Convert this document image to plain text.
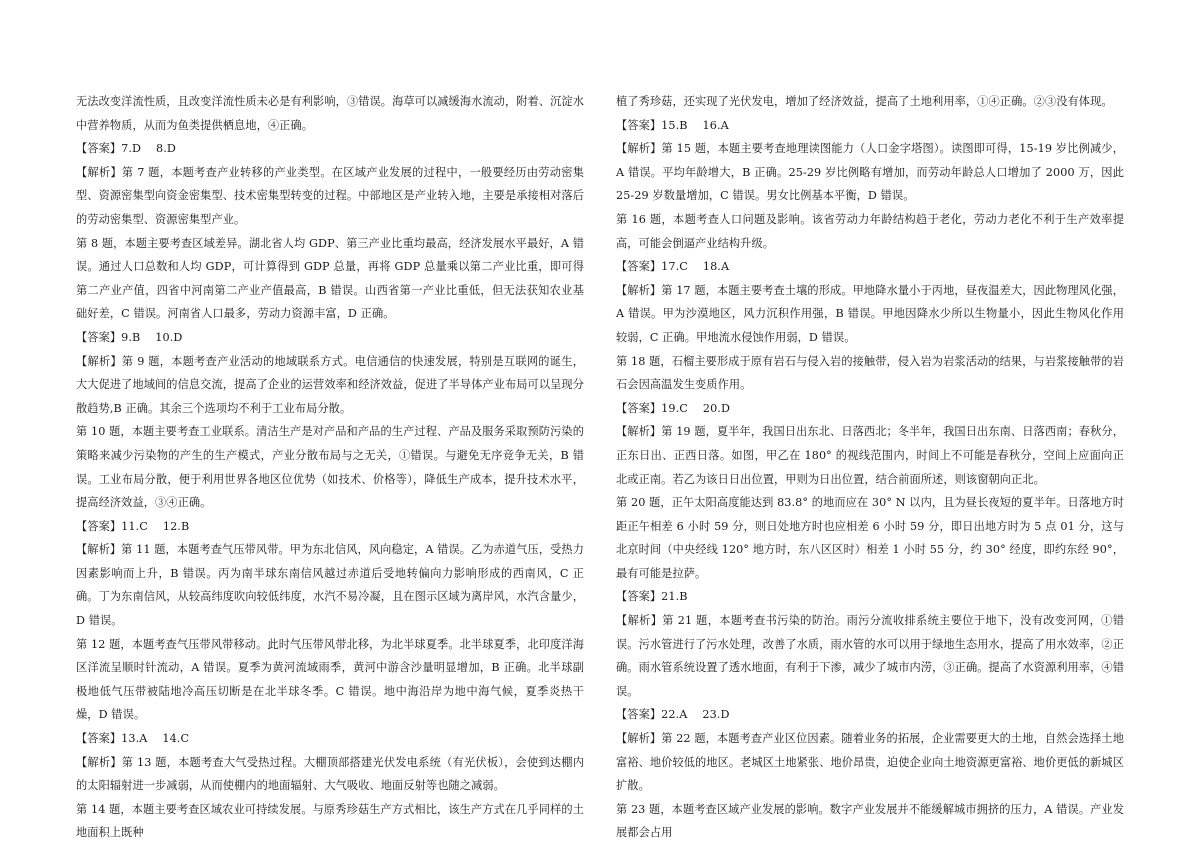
无法改变洋流性质，且改变洋流性质未必是有利影响，③错误。海草可以减缓海水流动，附着、沉淀水中营养物质，从而为鱼类提供栖息地，④正确。

【答案】7.D　 8.D

【解析】第 7 题，本题考查产业转移的产业类型。在区域产业发展的过程中，一般要经历由劳动密集型、资源密集型向资金密集型、技术密集型转变的过程。中部地区是产业转入地，主要是承接相对落后的劳动密集型、资源密集型产业。

第 8 题，本题主要考查区域差异。湖北省人均 GDP、第三产业比重均最高，经济发展水平最好，A 错误。通过人口总数和人均 GDP，可计算得到 GDP 总量，再将 GDP 总量乘以第二产业比重，即可得第二产业产值，四省中河南第二产业产值最高，B 错误。山西省第一产业比重低，但无法获知农业基础好差，C 错误。河南省人口最多，劳动力资源丰富，D 正确。

【答案】9.B　 10.D

【解析】第 9 题，本题考查产业活动的地域联系方式。电信通信的快速发展，特别是互联网的诞生，大大促进了地域间的信息交流，提高了企业的运营效率和经济效益，促进了半导体产业布局可以呈现分散趋势,B 正确。其余三个选项均不利于工业布局分散。

第 10 题，本题主要考查工业联系。清洁生产是对产品和产品的生产过程、产品及服务采取预防污染的策略来减少污染物的产生的生产模式，产业分散布局与之无关，①错误。与避免无序竞争无关，B 错误。工业布局分散，便于利用世界各地区位优势（如技术、价格等），降低生产成本，提升技术水平，提高经济效益，③④正确。

【答案】11.C　 12.B

【解析】第 11 题，本题考查气压带风带。甲为东北信风，风向稳定，A 错误。乙为赤道气压，受热力因素影响而上升，B 错误。丙为南半球东南信风越过赤道后受地转偏向力影响形成的西南风，C 正确。丁为东南信风，从较高纬度吹向较低纬度，水汽不易冷凝，且在图示区域为离岸风，水汽含量少，D 错误。

第 12 题，本题考查气压带风带移动。此时气压带风带北移，为北半球夏季。北半球夏季，北印度洋海区洋流呈顺时针流动，A 错误。夏季为黄河流域雨季，黄河中游含沙量明显增加，B 正确。北半球副极地低气压带被陆地冷高压切断是在北半球冬季。C 错误。地中海沿岸为地中海气候，夏季炎热干燥，D 错误。

【答案】13.A　 14.C

【解析】第 13 题，本题考查大气受热过程。大棚顶部搭建光伏发电系统（有光伏板），会使到达棚内的太阳辐射进一步减弱，从而使棚内的地面辐射、大气吸收、地面反射等也随之减弱。

第 14 题，本题主要考查区域农业可持续发展。与原秀珍菇生产方式相比，该生产方式在几乎同样的土地面积上既种

植了秀珍菇，还实现了光伏发电，增加了经济效益，提高了土地利用率，①④正确。②③没有体现。

【答案】15.B　 16.A

【解析】第 15 题，本题主要考查地理读图能力（人口金字塔图）。读图即可得，15-19 岁比例减少，A 错误。平均年龄增大，B 正确。25-29 岁比例略有增加，而劳动年龄总人口增加了 2000 万，因此 25-29 岁数量增加，C 错误。男女比例基本平衡，D 错误。

第 16 题，本题考查人口问题及影响。该省劳动力年龄结构趋于老化，劳动力老化不利于生产效率提高，可能会倒逼产业结构升级。

【答案】17.C　 18.A

【解析】第 17 题，本题主要考查土壤的形成。甲地降水量小于丙地，昼夜温差大，因此物理风化强，A 错误。甲为沙漠地区，风力沉积作用强，B 错误。甲地因降水少所以生物量小，因此生物风化作用较弱，C 正确。甲地流水侵蚀作用弱，D 错误。

第 18 题，石榴主要形成于原有岩石与侵入岩的接触带，侵入岩为岩浆活动的结果，与岩浆接触带的岩石会因高温发生变质作用。

【答案】19.C　 20.D

【解析】第 19 题，夏半年，我国日出东北、日落西北；冬半年，我国日出东南、日落西南；春秋分，正东日出、正西日落。如图，甲乙在 180° 的视线范围内，时间上不可能是春秋分，空间上应面向正北或正南。若乙为该日日出位置，甲则为日出位置，结合前面所述，则该窗朝向正北。

第 20 题，正午太阳高度能达到 83.8° 的地而应在 30° N 以内，且为昼长夜短的夏半年。日落地方时距正午相差 6 小时 59 分，则日处地方时也应相差 6 小时 59 分，即日出地方时为 5 点 01 分，这与北京时间（中央经线 120° 地方时，东八区区时）相差 1 小时 55 分，约 30° 经度，即约东经 90°，最有可能是拉萨。

【答案】21.B

【解析】第 21 题，本题考查书污染的防治。雨污分流收排系统主要位于地下，没有改变河网，①错误。污水管进行了污水处理，改善了水质，雨水管的水可以用于绿地生态用水，提高了用水效率，②正确。雨水管系统设置了透水地面，有利于下渗，减少了城市内涝，③正确。提高了水资源利用率，④错误。

【答案】22.A　 23.D

【解析】第 22 题，本题考查产业区位因素。随着业务的拓展，企业需要更大的土地，自然会选择土地富裕、地价较低的地区。老城区土地紧张、地价昂贵，迫使企业向土地资源更富裕、地价更低的新城区扩散。

第 23 题，本题考查区域产业发展的影响。数字产业发展并不能缓解城市拥挤的压力，A 错误。产业发展都会占用
